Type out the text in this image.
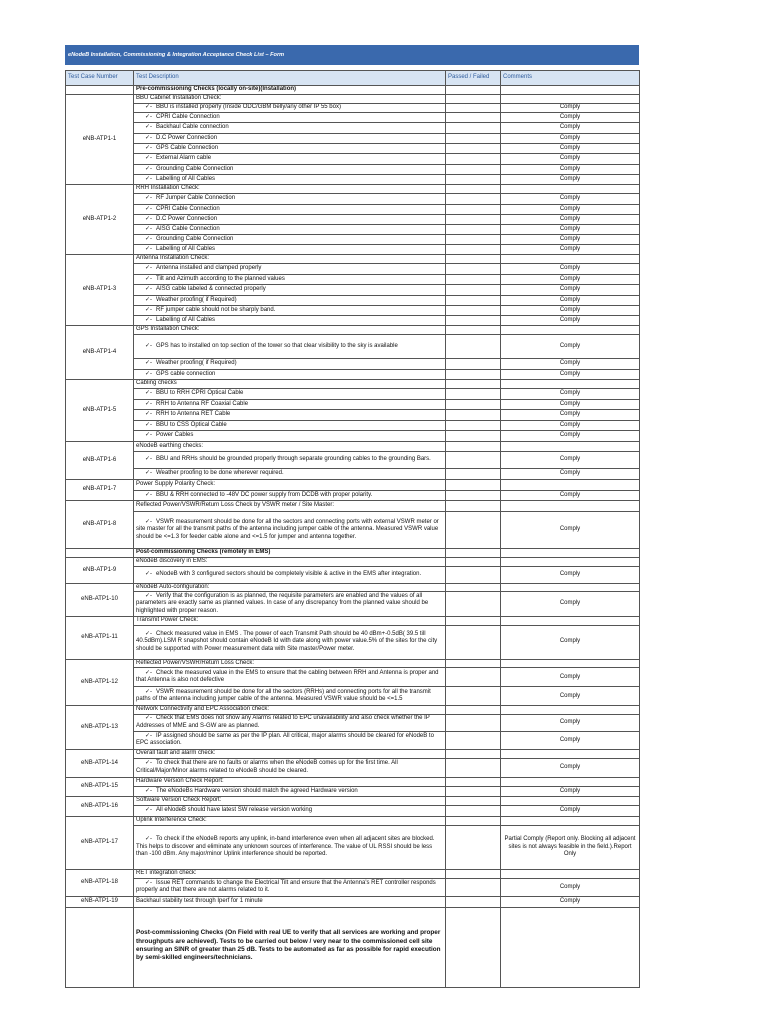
eNodeB Installation, Commissioning & Integration Acceptance Check List – Form
Test Case Number	Test Description	Passed / Failed	Comments
	Pre-commissioning Checks (locally on-site)(Installation)		
eNB-ATP1-1	BBU Cabinet Installation Check:		
	✓- BBU is installed properly (Inside ODC/GBM belly/any other IP 55 box)		Comply
	✓- CPRI Cable Connection		Comply
	✓- Backhaul Cable connection		Comply
	✓- D.C Power Connection		Comply
	✓- GPS Cable Connection		Comply
	✓- External Alarm cable		Comply
	✓- Grounding Cable Connection		Comply
	✓- Labelling of All Cables		Comply
eNB-ATP1-2	RRH Installation Check:		
	✓- RF Jumper Cable Connection		Comply
	✓- CPRI Cable Connection		Comply
	✓- D.C Power Connection		Comply
	✓- AISG Cable Connection		Comply
	✓- Grounding Cable Connection		Comply
	✓- Labelling of All Cables		Comply
eNB-ATP1-3	Antenna Installation Check:		
	✓- Antenna installed and clamped properly		Comply
	✓- Tilt and Azimuth according to the planned values		Comply
	✓- AISG cable labeled & connected properly		Comply
	✓- Weather proofing( if Required)		Comply
	✓- RF jumper cable should not be sharply band.		Comply
	✓- Labelling of All Cables		Comply
eNB-ATP1-4	GPS Installation Check:		
	✓- GPS has to installed on top section of the tower so that clear visibility to the sky is available		Comply
	✓- Weather proofing( if Required)		Comply
	✓- GPS cable connection		Comply
eNB-ATP1-5	Cabling checks		
	✓- BBU to RRH CPRI Optical Cable		Comply
	✓- RRH to Antenna RF Coaxial Cable		Comply
	✓- RRH to Antenna RET Cable		Comply
	✓- BBU to CSS Optical Cable		Comply
	✓- Power Cables		Comply
eNB-ATP1-6	eNodeB earthing checks:		
	✓- BBU and RRHs should be grounded properly through separate grounding cables to the grounding Bars.		Comply
	✓- Weather proofing to be done wherever required.		Comply
eNB-ATP1-7	Power Supply Polarity Check:		
	✓- BBU & RRH connected to -48V DC power supply from DCDB with proper polarity.		Comply
eNB-ATP1-8	Reflected Power/VSWR/Return Loss Check by VSWR meter / Site Master:		
	✓- VSWR measurement should be done for all the sectors and connecting ports with external VSWR meter or site master for all the transmit paths of the antenna including jumper cable of the antenna. Measured VSWR value should be <=1.3 for feeder cable alone and <=1.5 for jumper and antenna together.		Comply
	Post-commissioning Checks (remotely in EMS)		
eNB-ATP1-9	eNodeB discovery in EMS:		
	✓- eNodeB with 3 configured sectors should be completely visible & active in the EMS after integration.		Comply
eNB-ATP1-10	eNodeB Auto-configuration:		
	✓- Verify that the configuration is as planned, the requisite parameters are enabled and the values of all parameters are exactly same as planned values. In case of any discrepancy from the planned value should be highlighted with proper reason.		Comply
eNB-ATP1-11	Transmit Power Check:		
	✓- Check measured value in EMS . The power of each Transmit Path should be 40 dBm+-0.5dB( 39.5 till 40.5dBm).LSM R snapshot should contain eNodeB Id with date along with power value.5% of the sites for the city should be supported with Power measurement data with Site master/Power meter.		Comply
eNB-ATP1-12	Reflected Power/VSWR/Return Loss Check:		
	✓- Check the measured value in the EMS to ensure that the cabling between RRH and Antenna is proper and that Antenna is also not defective		Comply
	✓- VSWR measurement should be done for all the sectors (RRHs) and connecting ports for all the transmit paths of the antenna including jumper cable of the antenna. Measured VSWR value should be <=1.5		Comply
eNB-ATP1-13	Network Connectivity and EPC Association check:		
	✓- Check that EMS does not show any Alarms related to EPC unavailability and also check whether the IP Addresses of MME and S-GW are as planned.		Comply
	✓- IP assigned should be same as per the IP plan. All critical, major alarms should be cleared for eNodeB to EPC association.		Comply
eNB-ATP1-14	Overall fault and alarm check:		
	✓- To check that there are no faults or alarms when the eNodeB comes up for the first time. All Critical/Major/Minor alarms related to eNodeB should be cleared.		Comply
eNB-ATP1-15	Hardware Version Check Report:		
	✓- The eNodeBs Hardware version should match the agreed Hardware version		Comply
eNB-ATP1-16	Software Version Check Report:		
	✓- All eNodeB should have latest SW release version working		Comply
eNB-ATP1-17	Uplink Interference Check:		
	✓- To check if the eNodeB reports any uplink, in-band interference even when all adjacent sites are blocked. This helps to discover and eliminate any unknown sources of interference. The value of UL RSSI should be less than -100 dBm. Any major/minor Uplink interference should be reported.		Partial Comply (Report only. Blocking all adjacent sites is not always feasible in the field.).Report Only
eNB-ATP1-18	RET integration check:		
	✓- Issue RET commands to change the Electrical Tilt and ensure that the Antenna's RET controller responds properly and that there are not alarms related to it.		Comply
eNB-ATP1-19	Backhaul stability test through Iperf for 1 minute		Comply
	Post-commissioning Checks (On Field with real UE to verify that all services are working and proper throughputs are achieved). Tests to be carried out below / very near to the commissioned cell site ensuring an SINR of greater than 25 dB. Tests to be automated as far as possible for rapid execution by semi-skilled engineers/technicians.		
